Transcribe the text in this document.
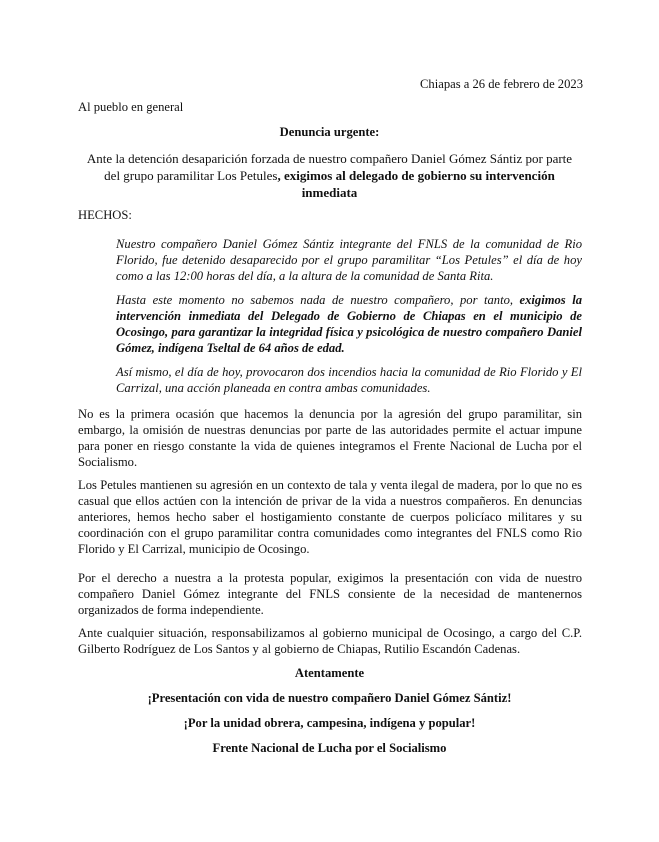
Chiapas a 26 de febrero de 2023
Al pueblo en general
Denuncia urgente:
Ante la detención desaparición forzada de nuestro compañero Daniel Gómez Sántiz por parte del grupo paramilitar Los Petules, exigimos al delegado de gobierno su intervención inmediata
HECHOS:
Nuestro compañero Daniel Gómez Sántiz integrante del FNLS de la comunidad de Rio Florido, fue detenido desaparecido por el grupo paramilitar “Los Petules” el día de hoy como a las 12:00 horas del día, a la altura de la comunidad de Santa Rita.
Hasta este momento no sabemos nada de nuestro compañero, por tanto, exigimos la intervención inmediata del Delegado de Gobierno de Chiapas en el municipio de Ocosingo, para garantizar la integridad física y psicológica de nuestro compañero Daniel Gómez, indígena Tseltal de 64 años de edad.
Así mismo, el día de hoy, provocaron dos incendios hacia la comunidad de Rio Florido y El Carrizal, una acción planeada en contra ambas comunidades.
No es la primera ocasión que hacemos la denuncia por la agresión del grupo paramilitar, sin embargo, la omisión de nuestras denuncias por parte de las autoridades permite el actuar impune para poner en riesgo constante la vida de quienes integramos el Frente Nacional de Lucha por el Socialismo.
Los Petules mantienen su agresión en un contexto de tala y venta ilegal de madera, por lo que no es casual que ellos actúen con la intención de privar de la vida a nuestros compañeros. En denuncias anteriores, hemos hecho saber el hostigamiento constante de cuerpos policíaco militares y su coordinación con el grupo paramilitar contra comunidades como integrantes del FNLS como Rio Florido y El Carrizal, municipio de Ocosingo.
Por el derecho a nuestra a la protesta popular, exigimos la presentación con vida de nuestro compañero Daniel Gómez integrante del FNLS consiente de la necesidad de mantenernos organizados de forma independiente.
Ante cualquier situación, responsabilizamos al gobierno municipal de Ocosingo, a cargo del C.P. Gilberto Rodríguez de Los Santos y al gobierno de Chiapas, Rutilio Escandón Cadenas.
Atentamente
¡Presentación con vida de nuestro compañero Daniel Gómez Sántiz!
¡Por la unidad obrera, campesina, indígena y popular!
Frente Nacional de Lucha por el Socialismo
